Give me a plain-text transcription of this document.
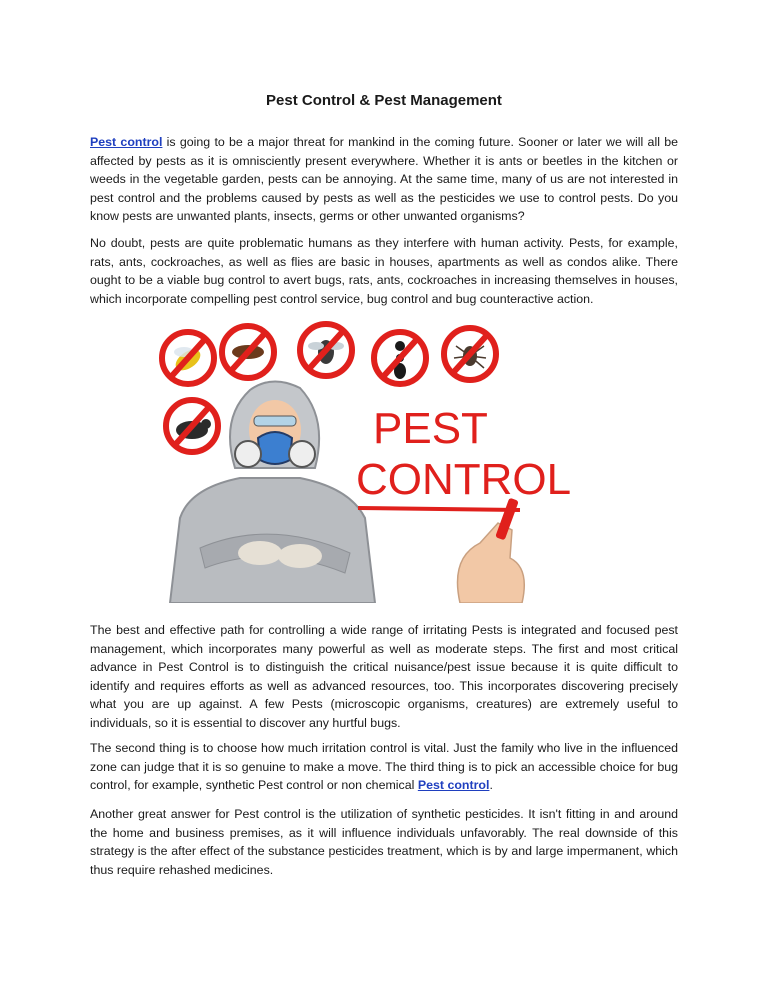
Pest Control & Pest Management

Pest control is going to be a major threat for mankind in the coming future. Sooner or later we will all be affected by pests as it is omnisciently present everywhere. Whether it is ants or beetles in the kitchen or weeds in the vegetable garden, pests can be annoying. At the same time, many of us are not interested in pest control and the problems caused by pests as well as the pesticides we use to control pests. Do you know pests are unwanted plants, insects, germs or other unwanted organisms?

No doubt, pests are quite problematic humans as they interfere with human activity. Pests, for example, rats, ants, cockroaches, as well as flies are basic in houses, apartments as well as condos alike. There ought to be a viable bug control to avert bugs, rats, ants, cockroaches in increasing themselves in houses, which incorporate compelling pest control service, bug control and bug counteractive action.

PEST
CONTROL

The best and effective path for controlling a wide range of irritating Pests is integrated and focused pest management, which incorporates many powerful as well as moderate steps. The first and most critical advance in Pest Control is to distinguish the critical nuisance/pest issue because it is quite difficult to identify and requires efforts as well as advanced resources, too. This incorporates discovering precisely what you are up against. A few Pests (microscopic organisms, creatures) are extremely useful to individuals, so it is essential to discover any hurtful bugs.

The second thing is to choose how much irritation control is vital. Just the family who live in the influenced zone can judge that it is so genuine to make a move. The third thing is to pick an accessible choice for bug control, for example, synthetic Pest control or non chemical Pest control.

Another great answer for Pest control is the utilization of synthetic pesticides. It isn't fitting in and around the home and business premises, as it will influence individuals unfavorably. The real downside of this strategy is the after effect of the substance pesticides treatment, which is by and large impermanent, which thus require rehashed medicines.
